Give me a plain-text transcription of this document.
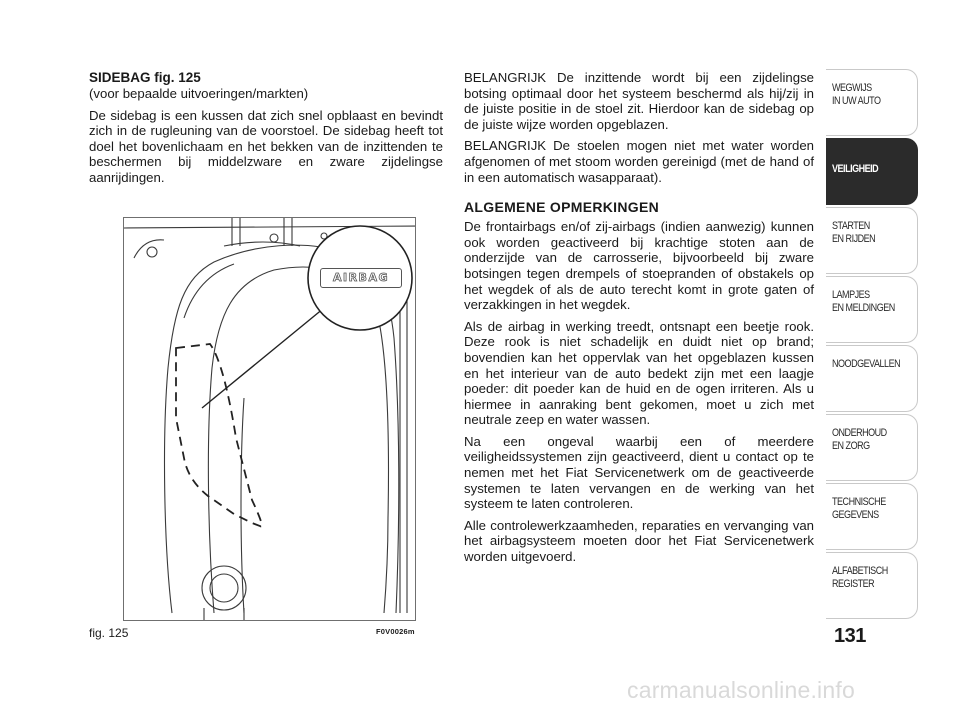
SIDEBAG fig. 125
(voor bepaalde uitvoeringen/markten)

De sidebag is een kussen dat zich snel opblaast en bevindt zich in de rugleuning van de voorstoel. De sidebag heeft tot doel het bovenlichaam en het bekken van de inzittenden te beschermen bij middelzware en zware zijdelingse aanrijdingen.

AIRBAG
fig. 125	F0V0026m

BELANGRIJK De inzittende wordt bij een zijdelingse botsing optimaal door het systeem beschermd als hij/zij in de juiste positie in de stoel zit. Hierdoor kan de sidebag op de juiste wijze worden opgeblazen.

BELANGRIJK De stoelen mogen niet met water worden afgenomen of met stoom worden gereinigd (met de hand of in een automatisch wasapparaat).

ALGEMENE OPMERKINGEN

De frontairbags en/of zij-airbags (indien aanwezig) kunnen ook worden geactiveerd bij krachtige stoten aan de onderzijde van de carrosserie, bijvoorbeeld bij zware botsingen tegen drempels of stoepranden of obstakels op het wegdek of als de auto terecht komt in grote gaten of verzakkingen in het wegdek.

Als de airbag in werking treedt, ontsnapt een beetje rook. Deze rook is niet schadelijk en duidt niet op brand; bovendien kan het oppervlak van het opgeblazen kussen en het interieur van de auto bedekt zijn met een laagje poeder: dit poeder kan de huid en de ogen irriteren. Als u hiermee in aanraking bent gekomen, moet u zich met neutrale zeep en water wassen.

Na een ongeval waarbij een of meerdere veiligheidssystemen zijn geactiveerd, dient u contact op te nemen met het Fiat Servicenetwerk om de geactiveerde systemen te laten vervangen en de werking van het systeem te laten controleren.

Alle controlewerkzaamheden, reparaties en vervanging van het airbagsysteem moeten door het Fiat Servicenetwerk worden uitgevoerd.

WEGWIJS
IN UW AUTO
VEILIGHEID
STARTEN
EN RIJDEN
LAMPJES
EN MELDINGEN
NOODGEVALLEN
ONDERHOUD
EN ZORG
TECHNISCHE
GEGEVENS
ALFABETISCH
REGISTER
131
carmanualsonline.info
